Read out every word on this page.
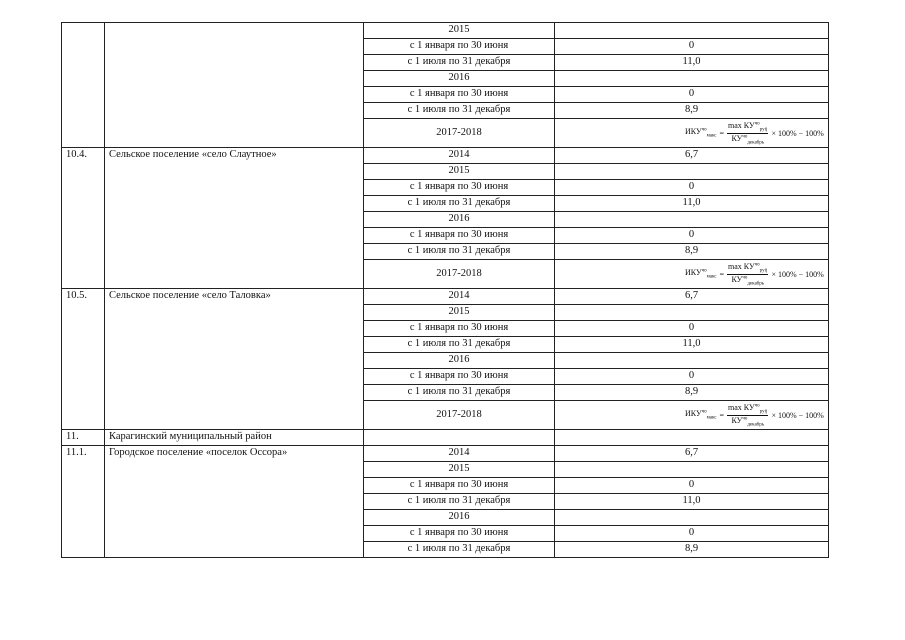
		2015	
		с 1 января по 30 июня	0
		с 1 июля по 31 декабря	11,0
		2016	
		с 1 января по 30 июня	0
		с 1 июля по 31 декабря	8,9
		2017-2018	$ИКУ^{чо}_{макс} = \frac{\max КУ^{чо}_{pуij}}{КУ^{чо}_{декабрь}} \times 100\% - 100\%$

10.4.	Сельское поселение «село Слаутное»	2014	6,7
		2015	
		с 1 января по 30 июня	0
		с 1 июля по 31 декабря	11,0
		2016	
		с 1 января по 30 июня	0
		с 1 июля по 31 декабря	8,9
		2017-2018	$ИКУ^{чо}_{макс} = \frac{\max КУ^{чо}_{pуij}}{КУ^{чо}_{декабрь}} \times 100\% - 100\%$

10.5.	Сельское поселение «село Таловка»	2014	6,7
		2015	
		с 1 января по 30 июня	0
		с 1 июля по 31 декабря	11,0
		2016	
		с 1 января по 30 июня	0
		с 1 июля по 31 декабря	8,9
		2017-2018	$ИКУ^{чо}_{макс} = \frac{\max КУ^{чо}_{pуij}}{КУ^{чо}_{декабрь}} \times 100\% - 100\%$

11.	Карагинский муниципальный район		
11.1.	Городское поселение «поселок Оссора»	2014	6,7
		2015	
		с 1 января по 30 июня	0
		с 1 июля по 31 декабря	11,0
		2016	
		с 1 января по 30 июня	0
		с 1 июля по 31 декабря	8,9
